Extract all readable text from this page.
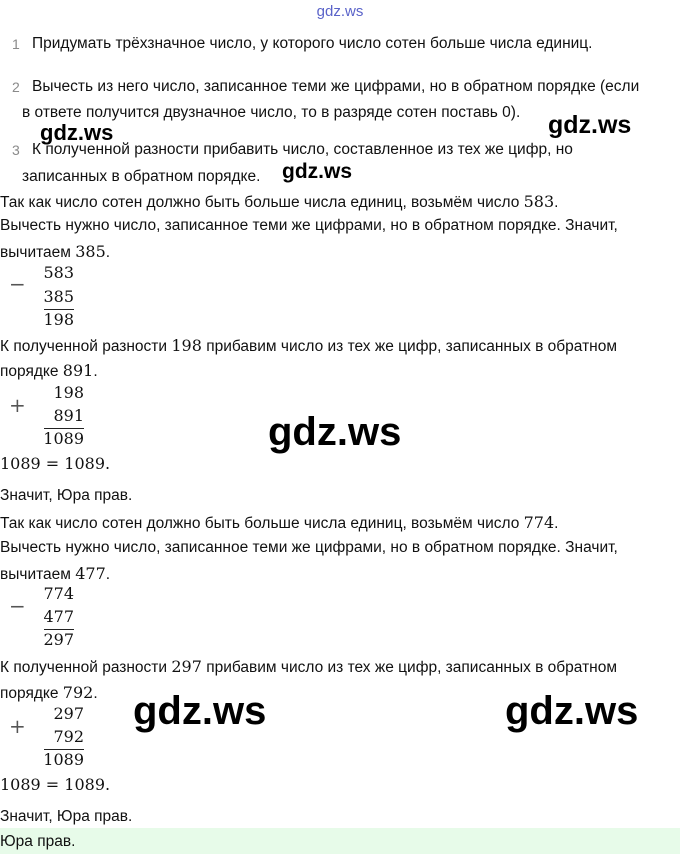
gdz.ws
1 Придумать трёхзначное число, у которого число сотен больше числа единиц.
2 Вычесть из него число, записанное теми же цифрами, но в обратном порядке (если
в ответе получится двузначное число, то в разряде сотен поставь 0).
3 К полученной разности прибавить число, составленное из тех же цифр, но
записанных в обратном порядке.
gdz.ws	gdz.ws
gdz.ws
Так как число сотен должно быть больше числа единиц, возьмём число 583.
Вычесть нужно число, записанное теми же цифрами, но в обратном порядке. Значит,
вычитаем 385.
− 583
385
198
К полученной разности 198 прибавим число из тех же цифр, записанных в обратном
порядке 891.
+
198
891
1089
1089 = 1089.
Значит, Юра прав.
gdz.ws
Так как число сотен должно быть больше числа единиц, возьмём число 774.
Вычесть нужно число, записанное теми же цифрами, но в обратном порядке. Значит,
вычитаем 477.
−
774
477
297
К полученной разности 297 прибавим число из тех же цифр, записанных в обратном
порядке 792.
+
297
792
1089
1089 = 1089.
Значит, Юра прав.
gdz.ws	gdz.ws
Юра прав.
